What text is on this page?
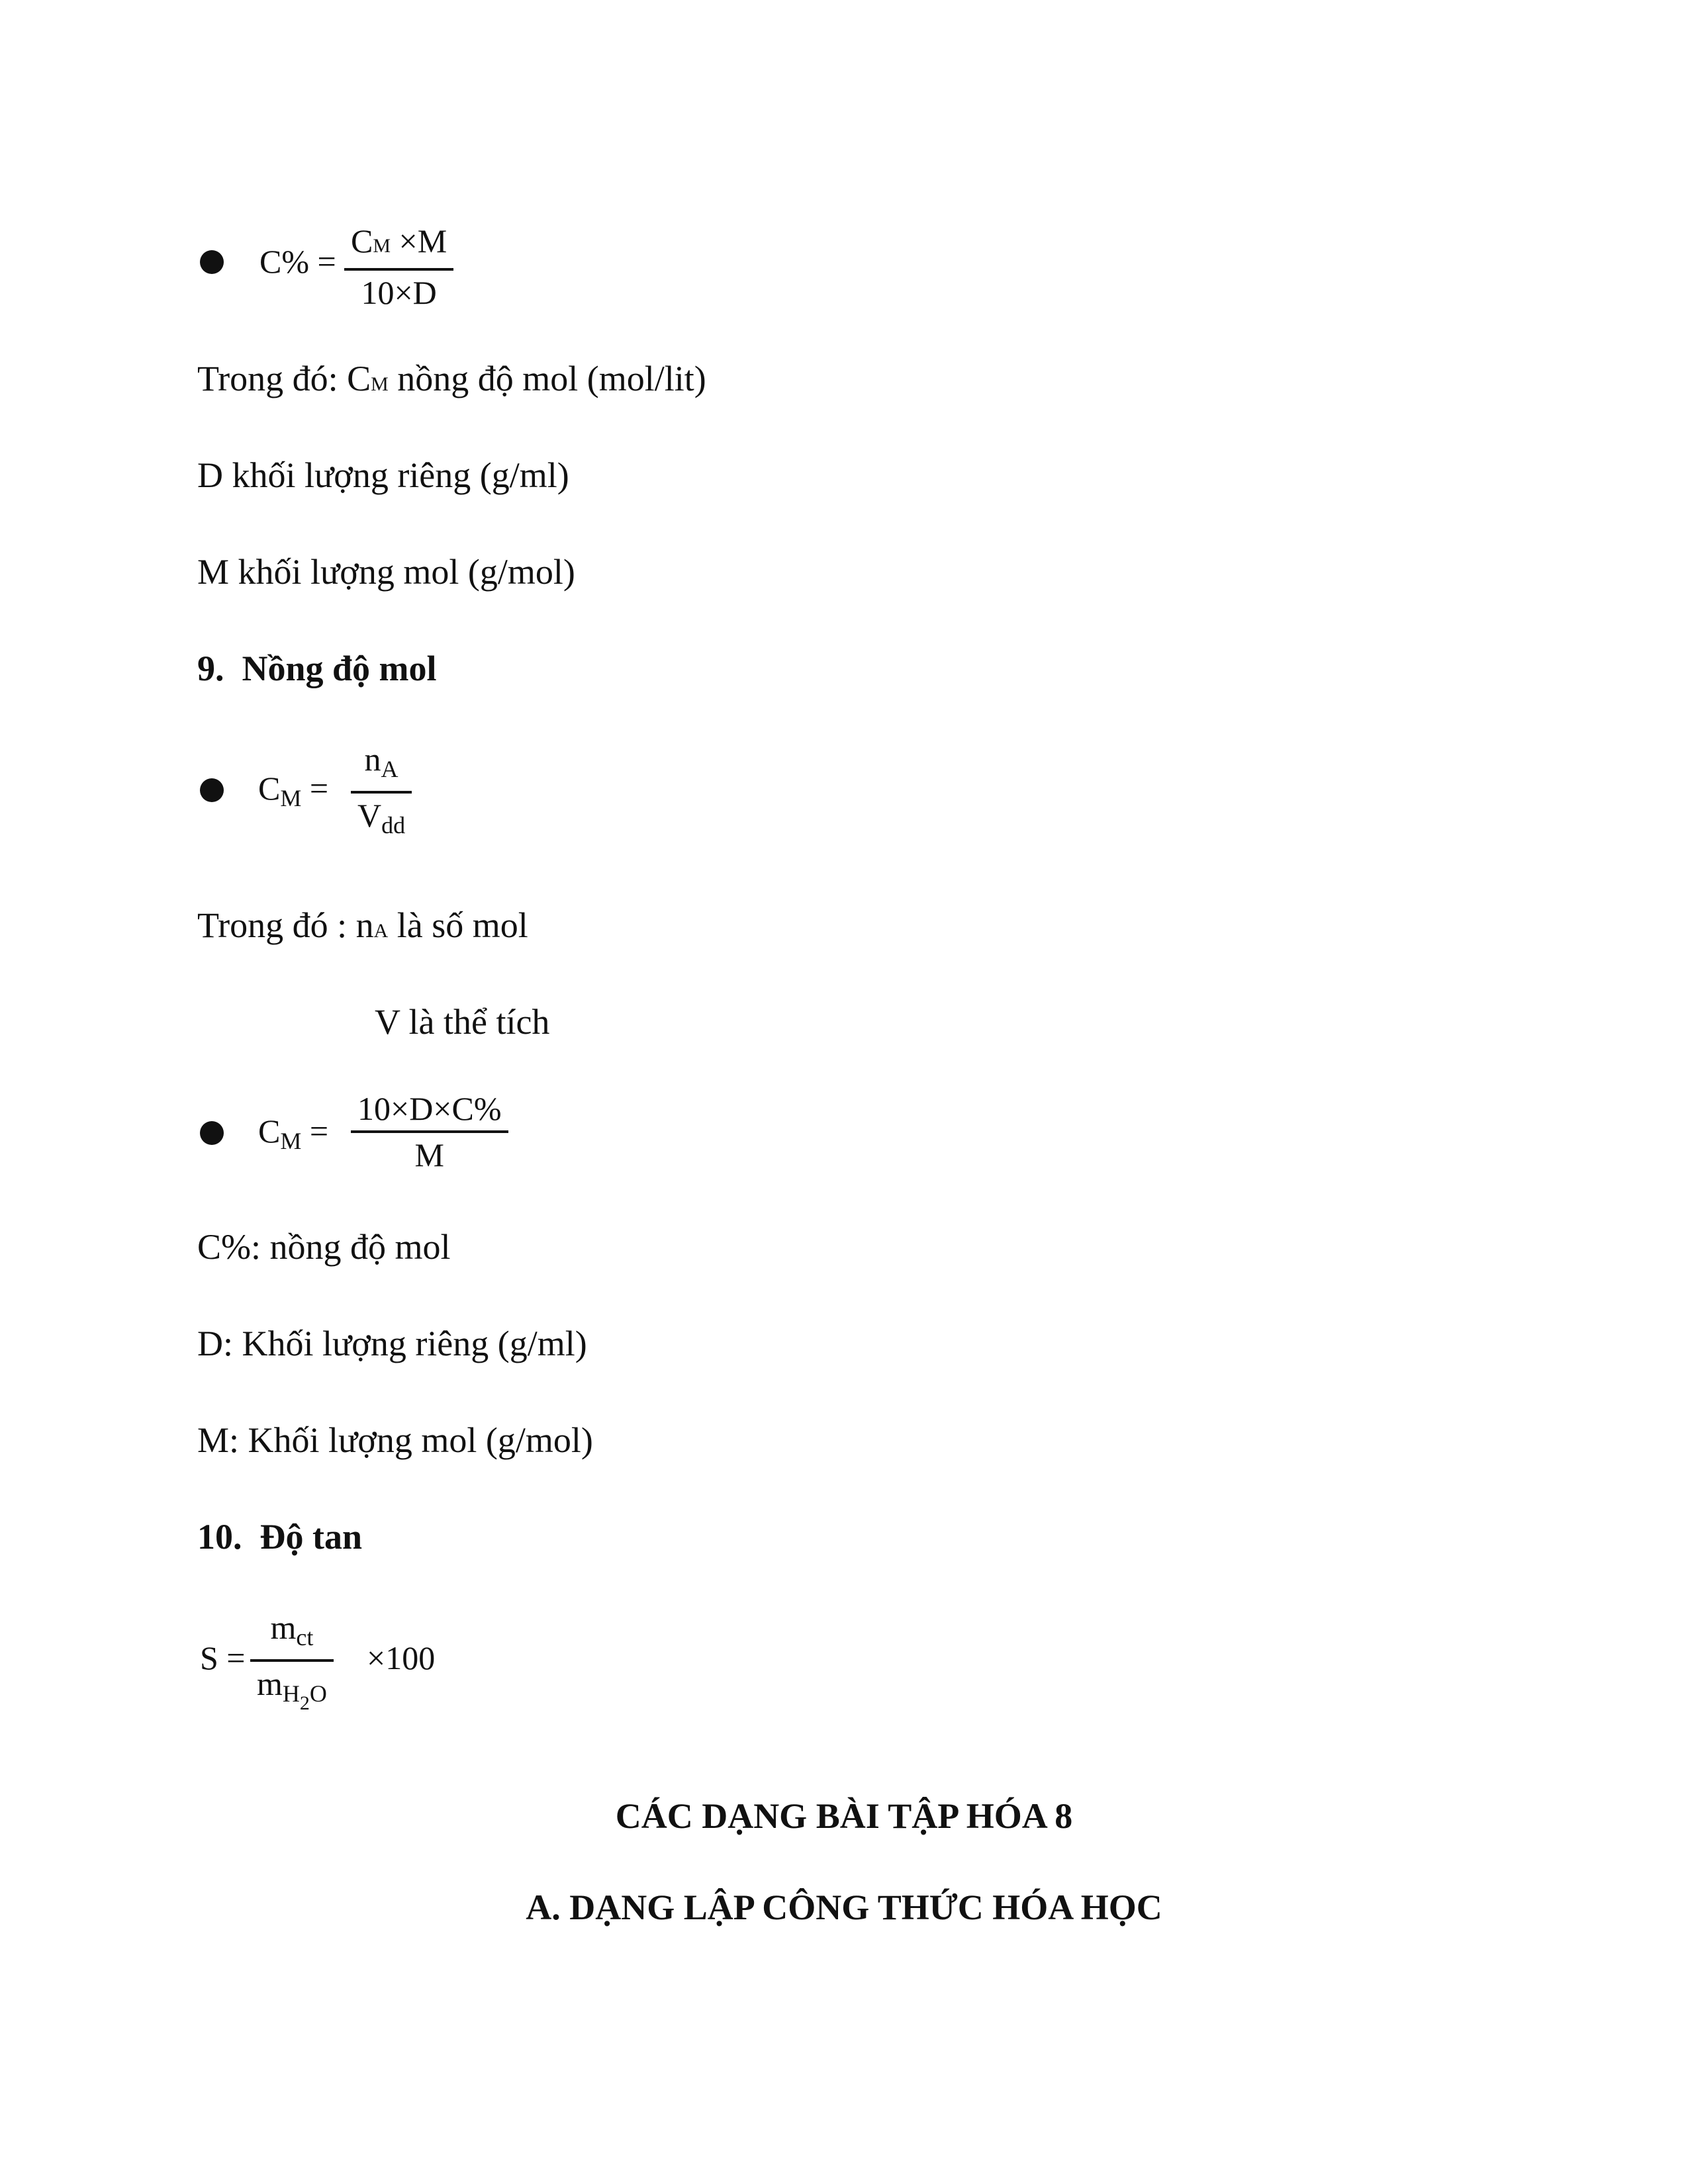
C% =
CM ×M
10×D
Trong đó: CM nồng độ mol (mol/lit)
D khối lượng riêng (g/ml)
M khối lượng mol (g/mol)
9. Nồng độ mol
$C_M$ =
$n_A$
$V_{dd}$
Trong đó : nA là số mol
V là thể tích
$C_M$ =
10×D×C%
M
C%: nồng độ mol
D: Khối lượng riêng (g/ml)
M: Khối lượng mol (g/mol)
10. Độ tan
S =
$m_{ct}$
$m_{H2O}$
×100
CÁC DẠNG BÀI TẬP HÓA 8
A. DẠNG LẬP CÔNG THỨC HÓA HỌC
